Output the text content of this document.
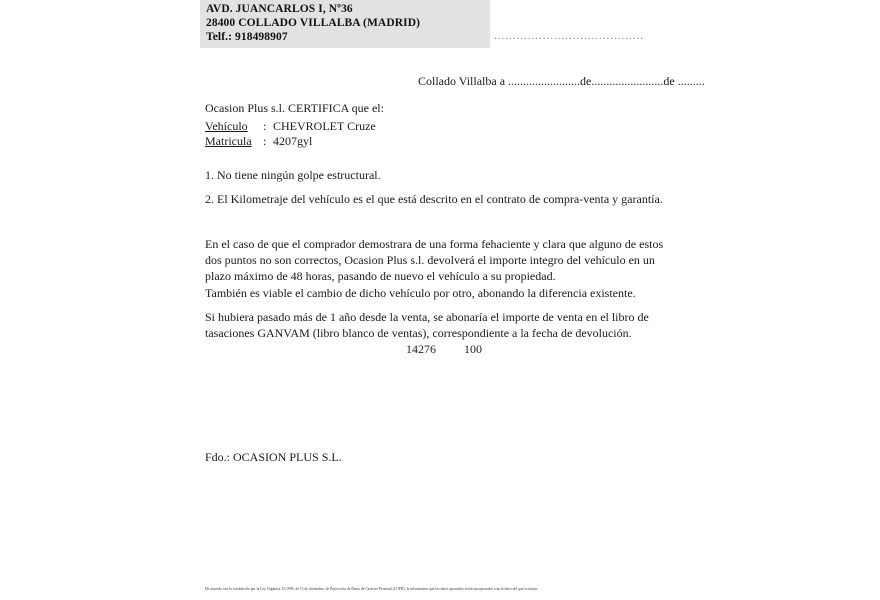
AVD. JUANCARLOS I, Nº36
28400 COLLADO VILLALBA (MADRID)
Telf.: 918498907	........................................
Collado Villalba a ........................de........................de .........
Ocasion Plus s.l. CERTIFICA que el:
Vehículo : CHEVROLET Cruze
Matricula : 4207gyl
1. No tiene ningún golpe estructural.
2. El Kilometraje del vehículo es el que está descrito en el contrato de compra-venta y garantía.
En el caso de que el comprador demostrara de una forma fehaciente y clara que alguno de estos dos puntos no son correctos, Ocasion Plus s.l. devolverá el importe integro del vehículo en un plazo máximo de 48 horas, pasando de nuevo el vehículo a su propiedad.
También es viable el cambio de dicho vehículo por otro, abonando la diferencia existente.
Si hubiera pasado más de 1 año desde la venta, se abonaría el importe de venta en el libro de tasaciones GANVAM (libro blanco de ventas), correspondiente a la fecha de devolución.
14276 100
Fdo.: OCASION PLUS S.L.
De acuerdo con lo establecido por la Ley Orgánica 15/1999, de 13 de diciembre, de Protección de Datos de Carácter Personal (LOPD), le informamos que los datos aportados serán incorporados a un fichero del que es titular.
